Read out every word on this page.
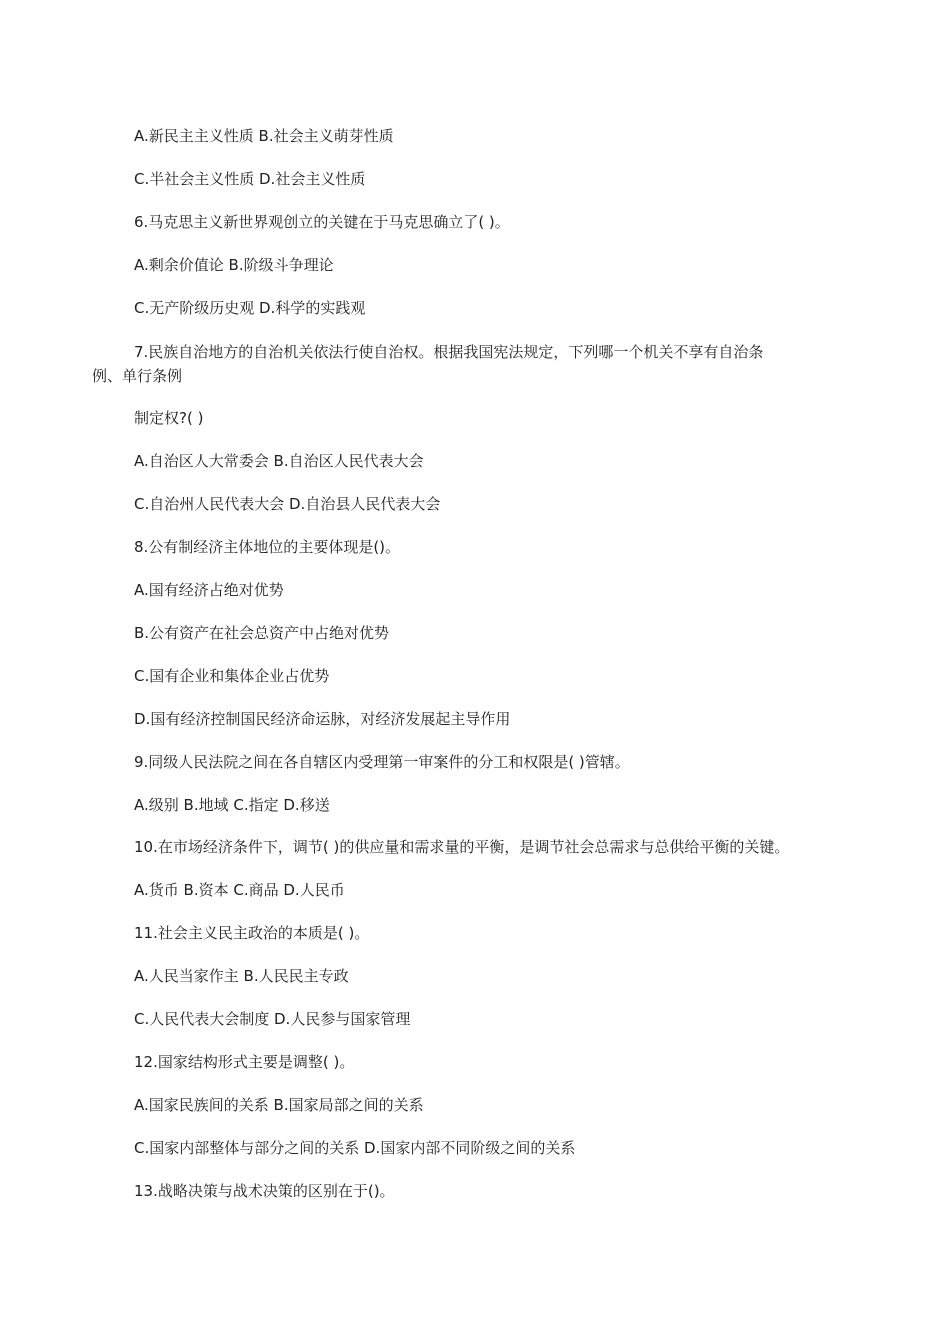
A.新民主主义性质 B.社会主义萌芽性质
C.半社会主义性质 D.社会主义性质
6.马克思主义新世界观创立的关键在于马克思确立了( )。
A.剩余价值论 B.阶级斗争理论
C.无产阶级历史观 D.科学的实践观
7.民族自治地方的自治机关依法行使自治权。根据我国宪法规定，下列哪一个机关不享有自治条
例、单行条例
制定权?( )
A.自治区人大常委会 B.自治区人民代表大会
C.自治州人民代表大会 D.自治县人民代表大会
8.公有制经济主体地位的主要体现是()。
A.国有经济占绝对优势
B.公有资产在社会总资产中占绝对优势
C.国有企业和集体企业占优势
D.国有经济控制国民经济命运脉，对经济发展起主导作用
9.同级人民法院之间在各自辖区内受理第一审案件的分工和权限是( )管辖。
A.级别 B.地域 C.指定 D.移送
10.在市场经济条件下，调节( )的供应量和需求量的平衡，是调节社会总需求与总供给平衡的关键。
A.货币 B.资本 C.商品 D.人民币
11.社会主义民主政治的本质是( )。
A.人民当家作主 B.人民民主专政
C.人民代表大会制度 D.人民参与国家管理
12.国家结构形式主要是调整( )。
A.国家民族间的关系 B.国家局部之间的关系
C.国家内部整体与部分之间的关系 D.国家内部不同阶级之间的关系
13.战略决策与战术决策的区别在于()。
